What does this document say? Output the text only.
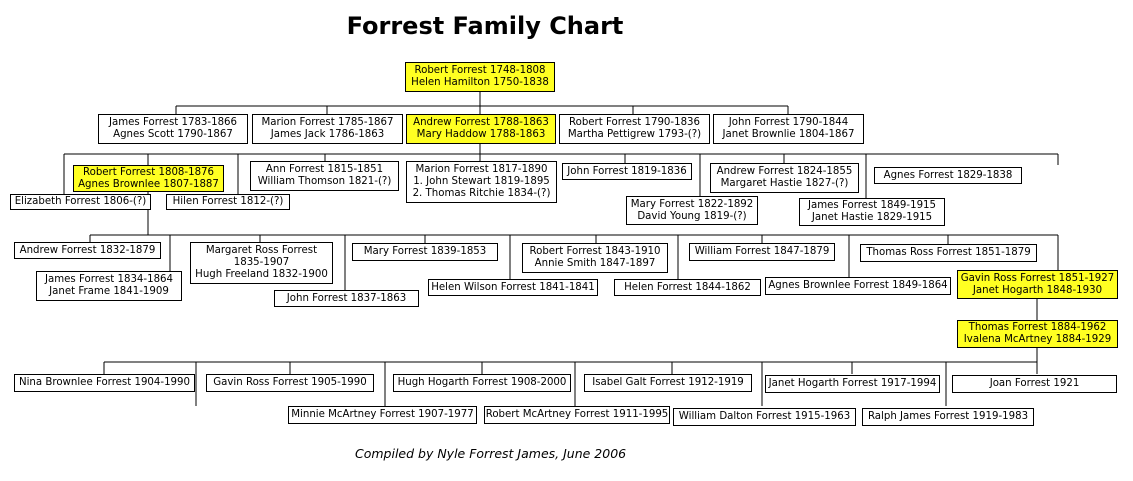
Forrest Family Chart
Robert Forrest 1748-1808
Helen Hamilton 1750-1838
James Forrest 1783-1866
Agnes Scott 1790-1867
Marion Forrest 1785-1867
James Jack 1786-1863
Andrew Forrest 1788-1863
Mary Haddow 1788-1863
Robert Forrest 1790-1836
Martha Pettigrew 1793-(?)
John Forrest 1790-1844
Janet Brownlie 1804-1867
Robert Forrest 1808-1876
Agnes Brownlee 1807-1887
Elizabeth Forrest 1806-(?)	Hilen Forrest 1812-(?)
Ann Forrest 1815-1851
William Thomson 1821-(?)
Marion Forrest 1817-1890
1. John Stewart 1819-1895
2. Thomas Ritchie 1834-(?)
John Forrest 1819-1836	Andrew Forrest 1824-1855
Margaret Hastie 1827-(?)
Agnes Forrest 1829-1838
Mary Forrest 1822-1892
David Young 1819-(?)
James Forrest 1849-1915
Janet Hastie 1829-1915
Andrew Forrest 1832-1879
James Forrest 1834-1864
Janet Frame 1841-1909
Margaret Ross Forrest
1835-1907
Hugh Freeland 1832-1900
John Forrest 1837-1863
Mary Forrest 1839-1853
Helen Wilson Forrest 1841-1841
Robert Forrest 1843-1910
Annie Smith 1847-1897
Helen Forrest 1844-1862
William Forrest 1847-1879
Agnes Brownlee Forrest 1849-1864
Thomas Ross Forrest 1851-1879
Gavin Ross Forrest 1851-1927
Janet Hogarth 1848-1930
Thomas Forrest 1884-1962
Ivalena McArtney 1884-1929
Nina Brownlee Forrest 1904-1990 Gavin Ross Forrest 1905-1990	Hugh Hogarth Forrest 1908-2000	Isabel Galt Forrest 1912-1919 Janet Hogarth Forrest 1917-1994	Joan Forrest 1921
Minnie McArtney Forrest 1907-1977 Robert McArtney Forrest 1911-1995 William Dalton Forrest 1915-1963 Ralph James Forrest 1919-1983
Compiled by Nyle Forrest James, June 2006
